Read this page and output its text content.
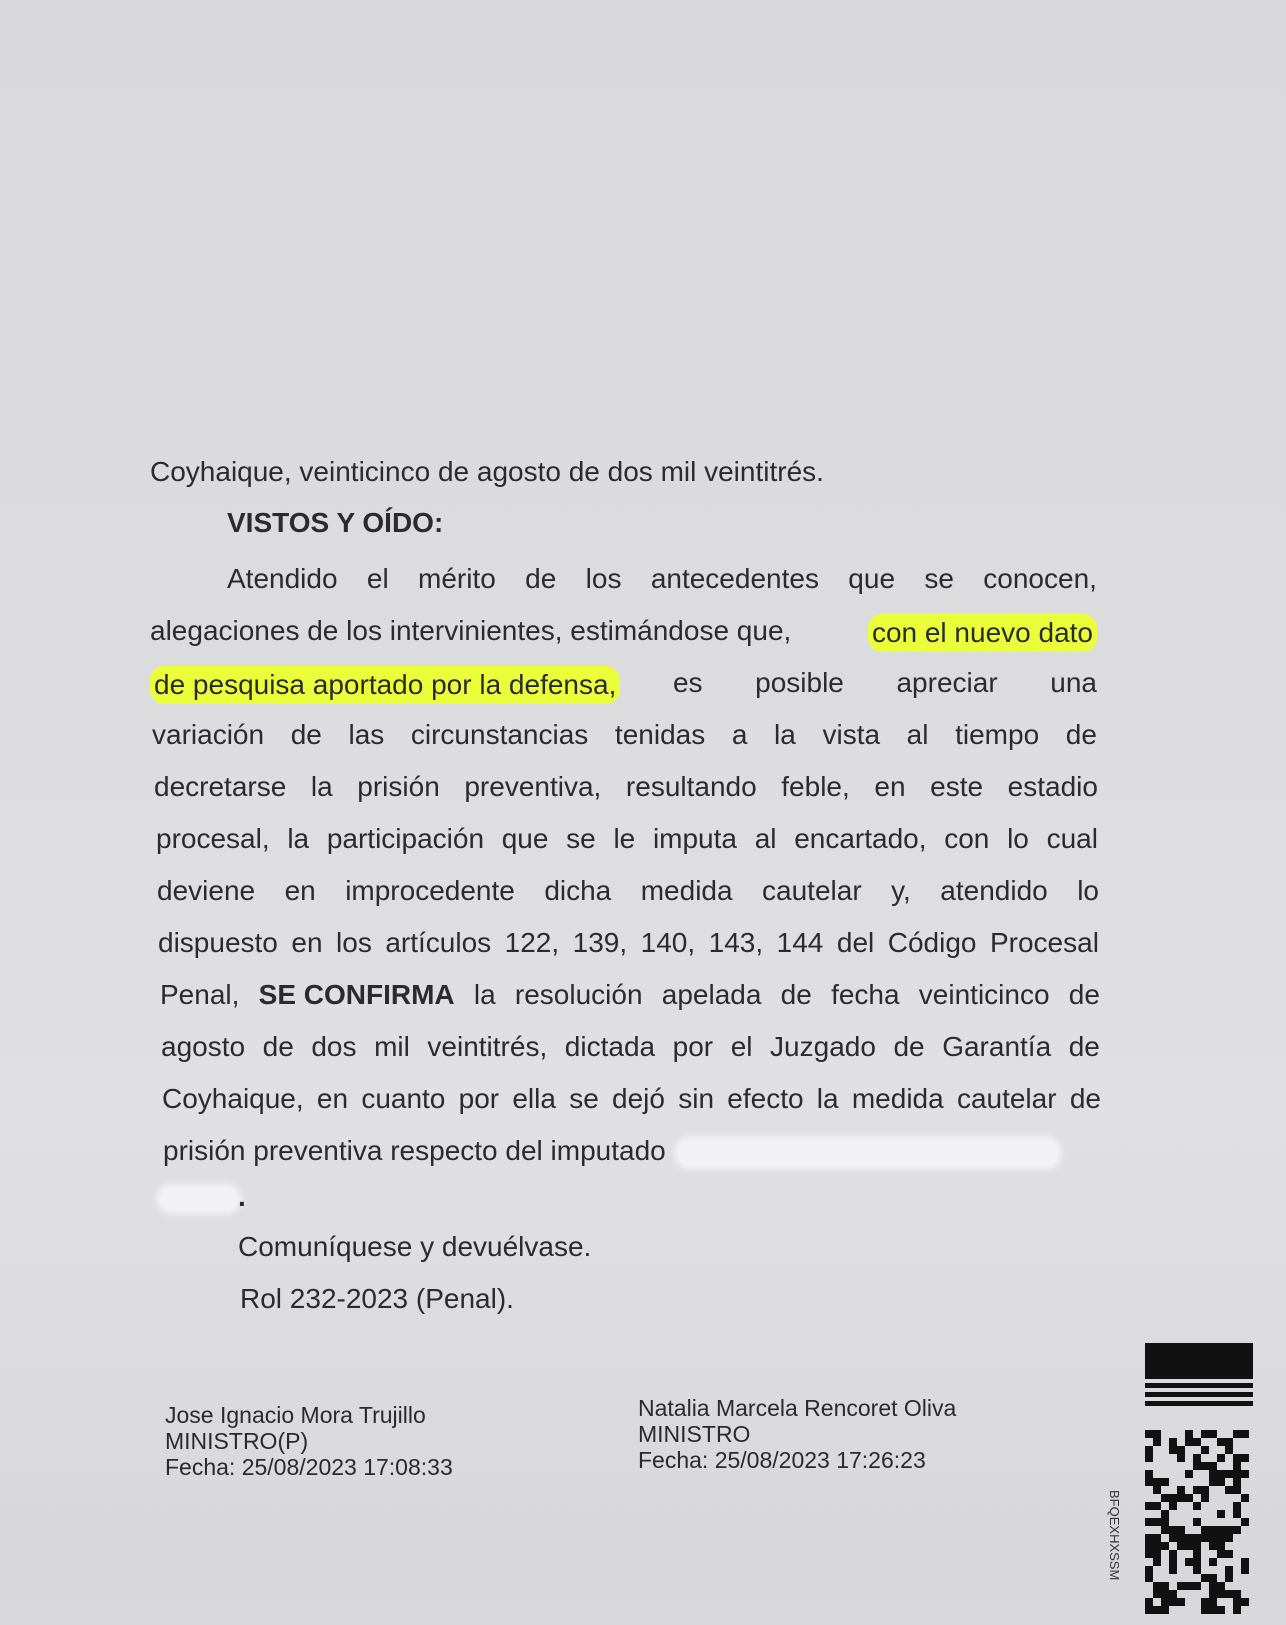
Coyhaique, veinticinco de agosto de dos mil veintitrés.
VISTOS Y OÍDO:
Atendido el mérito de los antecedentes que se conocen,
alegaciones de los intervinientes, estimándose que,	con el nuevo dato
de pesquisa aportado por la defensa, es posible apreciar una
variación de las circunstancias tenidas a la vista al tiempo de
decretarse la prisión preventiva, resultando feble, en este estadio
procesal, la participación que se le imputa al encartado, con lo cual
deviene en improcedente dicha medida cautelar y, atendido lo
dispuesto en los artículos 122, 139, 140, 143, 144 del Código Procesal
Penal, SE CONFIRMA la resolución apelada de fecha veinticinco de
agosto de dos mil veintitrés, dictada por el Juzgado de Garantía de
Coyhaique, en cuanto por ella se dejó sin efecto la medida cautelar de
prisión preventiva respecto del imputado
.
Comuníquese y devuélvase.
Rol 232-2023 (Penal).
Jose Ignacio Mora Trujillo
MINISTRO(P)
Fecha: 25/08/2023 17:08:33
Natalia Marcela Rencoret Oliva
MINISTRO
Fecha: 25/08/2023 17:26:23
BFQEXHXSSM
